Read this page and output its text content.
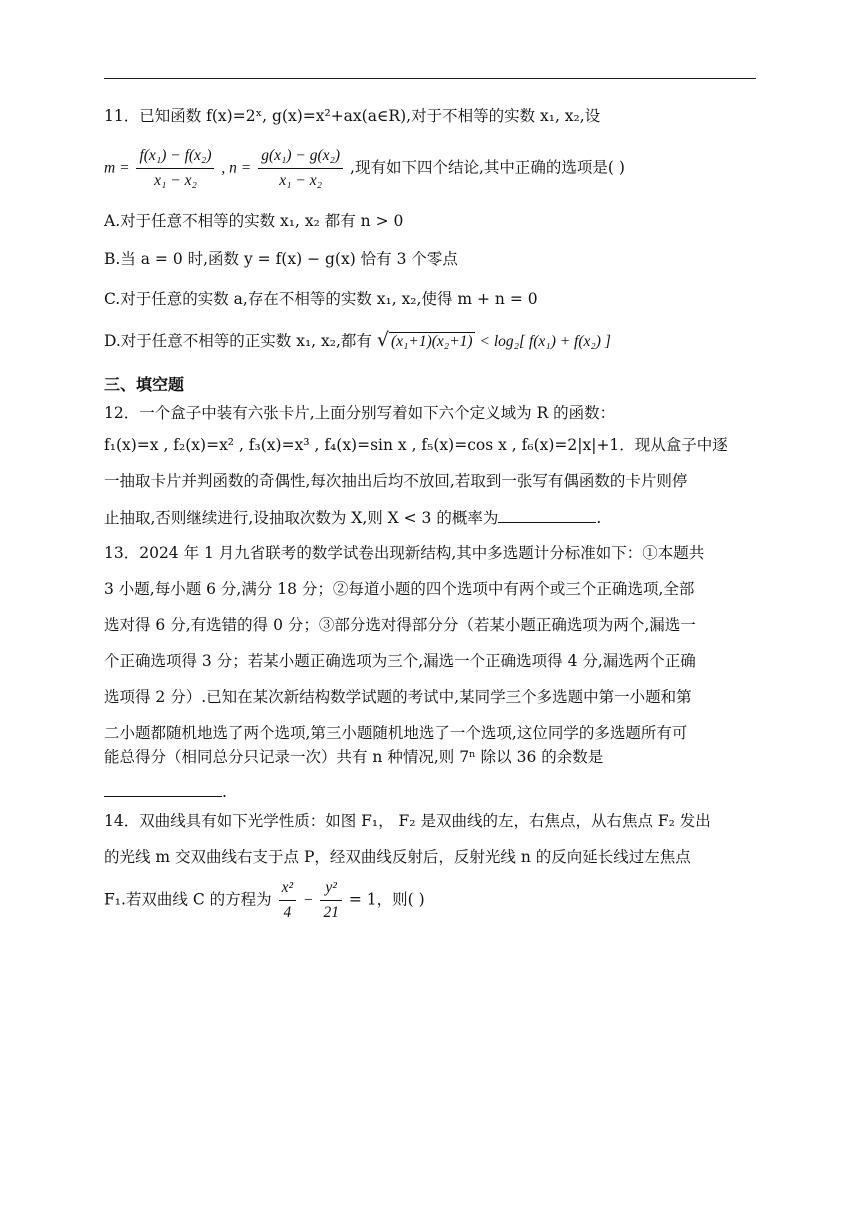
11．已知函数 f(x)=2ˣ, g(x)=x²+ax(a∈R),对于不相等的实数 x₁, x₂,设
$m = \frac{\text{f(x₁) − f(x₂)}}{\text{x₁ − x₂}}$ , $n = \frac{\text{g(x₁) − g(x₂)}}{\text{x₁ − x₂}}$ ,现有如下四个结论,其中正确的选项是( )
A.对于任意不相等的实数 x₁, x₂ 都有 n > 0
B.当 a = 0 时,函数 y = f(x) − g(x) 恰有 3 个零点
C.对于任意的实数 a,存在不相等的实数 x₁, x₂,使得 m + n = 0
D.对于任意不相等的正实数 x₁, x₂,都有 √ (x₁+1)(x₂+1) < log₂[ f(x₁) + f(x₂) ]
三、填空题
12．一个盒子中装有六张卡片,上面分别写着如下六个定义域为 R 的函数：
f₁(x)=x , f₂(x)=x² , f₃(x)=x³ , f₄(x)=sin x , f₅(x)=cos x , f₆(x)=2|x|+1．现从盒子中逐
一抽取卡片并判函数的奇偶性,每次抽出后均不放回,若取到一张写有偶函数的卡片则停
止抽取,否则继续进行,设抽取次数为 X,则 X < 3 的概率为	.
13．2024 年 1 月九省联考的数学试卷出现新结构,其中多选题计分标准如下：①本题共
3 小题,每小题 6 分,满分 18 分；②每道小题的四个选项中有两个或三个正确选项,全部
选对得 6 分,有选错的得 0 分；③部分选对得部分分（若某小题正确选项为两个,漏选一
个正确选项得 3 分；若某小题正确选项为三个,漏选一个正确选项得 4 分,漏选两个正确
选项得 2 分）.已知在某次新结构数学试题的考试中,某同学三个多选题中第一小题和第
二小题都随机地选了两个选项,第三小题随机地选了一个选项,这位同学的多选题所有可
能总得分（相同总分只记录一次）共有 n 种情况,则 7ⁿ 除以 36 的余数是
.
14．双曲线具有如下光学性质：如图 F₁， F₂ 是双曲线的左，右焦点，从右焦点 F₂ 发出
的光线 m 交双曲线右支于点 P，经双曲线反射后，反射光线 n 的反向延长线过左焦点
F₁.若双曲线 C 的方程为 $\frac{\text{x²}}{4} - \frac{\text{y²}}{21} = 1$，则( )
